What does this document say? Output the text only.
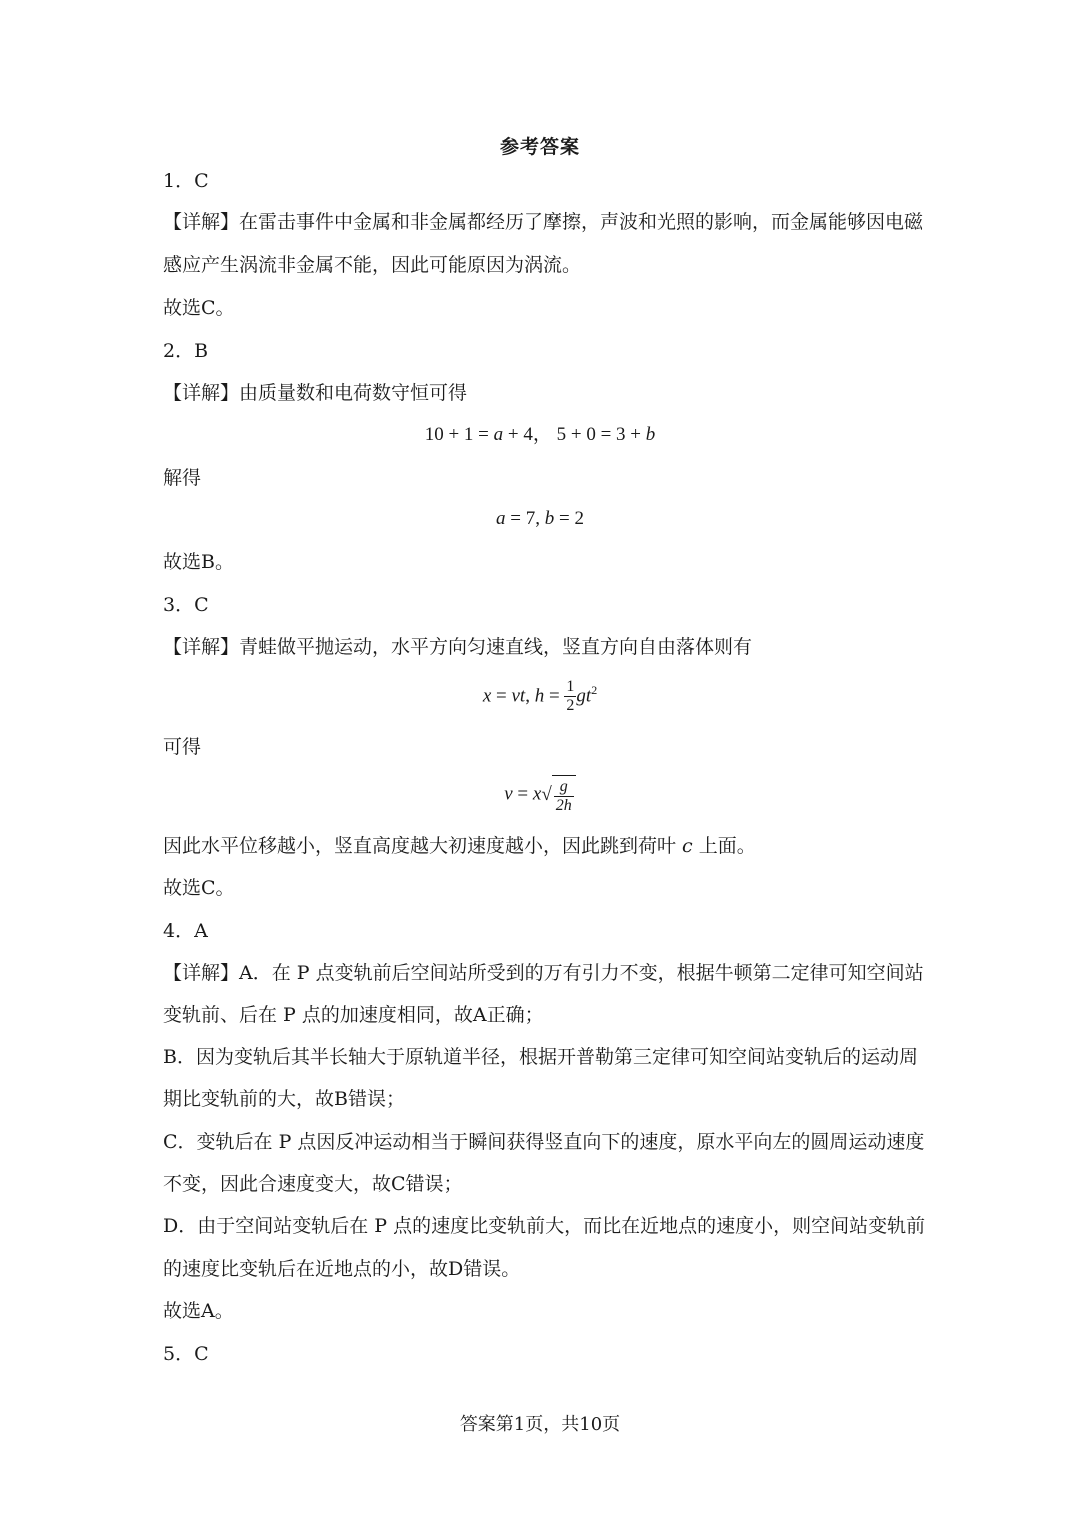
参考答案
1．C
【详解】在雷击事件中金属和非金属都经历了摩擦，声波和光照的影响，而金属能够因电磁
感应产生涡流非金属不能，因此可能原因为涡流。
故选C。
2．B
【详解】由质量数和电荷数守恒可得
10 + 1 = a + 4， 5 + 0 = 3 + b
解得
a = 7, b = 2
故选B。
3．C
【详解】青蛙做平抛运动，水平方向匀速直线，竖直方向自由落体则有
x = vt, $h = \frac{1}{2} gt^2$
可得
$v = x√ \frac{g}{2h}$
因此水平位移越小，竖直高度越大初速度越小，因此跳到荷叶 c 上面。
故选C。
4．A
【详解】A．在 P 点变轨前后空间站所受到的万有引力不变，根据牛顿第二定律可知空间站
变轨前、后在 P 点的加速度相同，故A正确；
B．因为变轨后其半长轴大于原轨道半径，根据开普勒第三定律可知空间站变轨后的运动周
期比变轨前的大，故B错误；
C．变轨后在 P 点因反冲运动相当于瞬间获得竖直向下的速度，原水平向左的圆周运动速度
不变，因此合速度变大，故C错误；
D．由于空间站变轨后在 P 点的速度比变轨前大，而比在近地点的速度小，则空间站变轨前
的速度比变轨后在近地点的小，故D错误。
故选A。
5．C
答案第1页，共10页
